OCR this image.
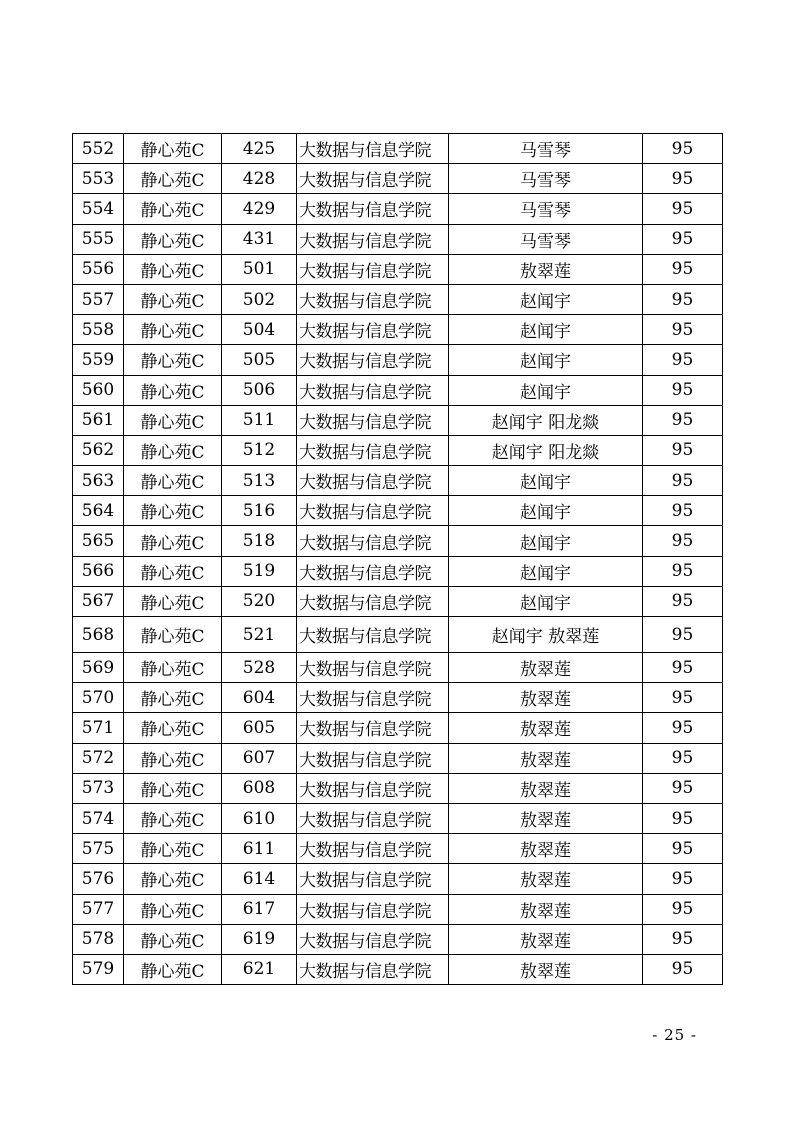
552	静心苑C	425	大数据与信息学院	马雪琴	95
553	静心苑C	428	大数据与信息学院	马雪琴	95
554	静心苑C	429	大数据与信息学院	马雪琴	95
555	静心苑C	431	大数据与信息学院	马雪琴	95
556	静心苑C	501	大数据与信息学院	敖翠莲	95
557	静心苑C	502	大数据与信息学院	赵闻宇	95
558	静心苑C	504	大数据与信息学院	赵闻宇	95
559	静心苑C	505	大数据与信息学院	赵闻宇	95
560	静心苑C	506	大数据与信息学院	赵闻宇	95
561	静心苑C	511	大数据与信息学院	赵闻宇 阳龙燚	95
562	静心苑C	512	大数据与信息学院	赵闻宇 阳龙燚	95
563	静心苑C	513	大数据与信息学院	赵闻宇	95
564	静心苑C	516	大数据与信息学院	赵闻宇	95
565	静心苑C	518	大数据与信息学院	赵闻宇	95
566	静心苑C	519	大数据与信息学院	赵闻宇	95
567	静心苑C	520	大数据与信息学院	赵闻宇	95
568	静心苑C	521	大数据与信息学院	赵闻宇 敖翠莲	95
569	静心苑C	528	大数据与信息学院	敖翠莲	95
570	静心苑C	604	大数据与信息学院	敖翠莲	95
571	静心苑C	605	大数据与信息学院	敖翠莲	95
572	静心苑C	607	大数据与信息学院	敖翠莲	95
573	静心苑C	608	大数据与信息学院	敖翠莲	95
574	静心苑C	610	大数据与信息学院	敖翠莲	95
575	静心苑C	611	大数据与信息学院	敖翠莲	95
576	静心苑C	614	大数据与信息学院	敖翠莲	95
577	静心苑C	617	大数据与信息学院	敖翠莲	95
578	静心苑C	619	大数据与信息学院	敖翠莲	95
579	静心苑C	621	大数据与信息学院	敖翠莲	95
- 25 -
